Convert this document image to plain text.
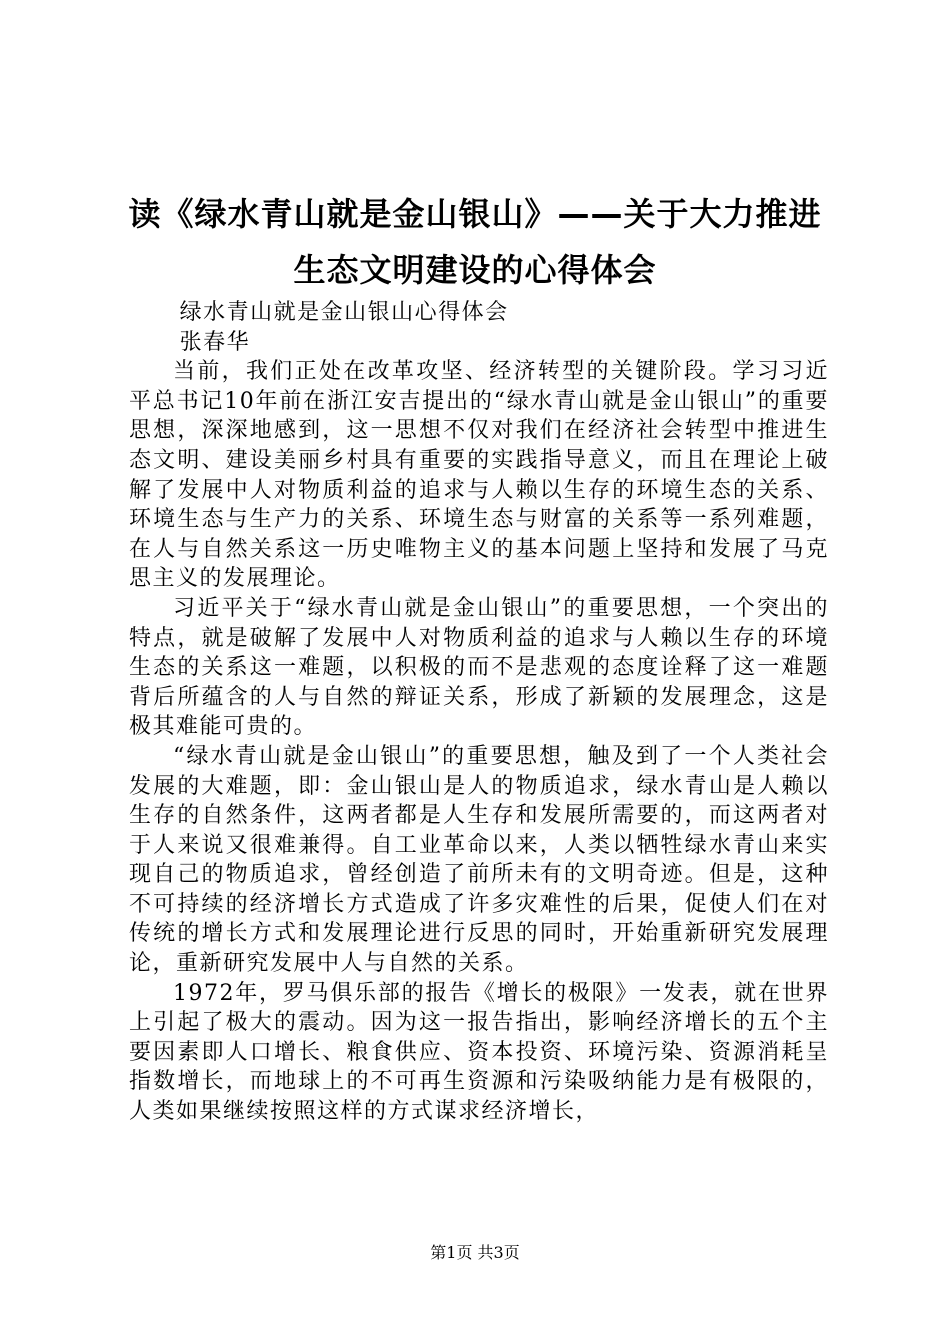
读《绿水青山就是金山银山》——关于大力推进生态文明建设的心得体会

绿水青山就是金山银山心得体会

张春华

当前，我们正处在改革攻坚、经济转型的关键阶段。学习习近平总书记10年前在浙江安吉提出的“绿水青山就是金山银山”的重要思想，深深地感到，这一思想不仅对我们在经济社会转型中推进生态文明、建设美丽乡村具有重要的实践指导意义，而且在理论上破解了发展中人对物质利益的追求与人赖以生存的环境生态的关系、环境生态与生产力的关系、环境生态与财富的关系等一系列难题，在人与自然关系这一历史唯物主义的基本问题上坚持和发展了马克思主义的发展理论。

习近平关于“绿水青山就是金山银山”的重要思想，一个突出的特点，就是破解了发展中人对物质利益的追求与人赖以生存的环境生态的关系这一难题，以积极的而不是悲观的态度诠释了这一难题背后所蕴含的人与自然的辩证关系，形成了新颖的发展理念，这是极其难能可贵的。

“绿水青山就是金山银山”的重要思想，触及到了一个人类社会发展的大难题，即：金山银山是人的物质追求，绿水青山是人赖以生存的自然条件，这两者都是人生存和发展所需要的，而这两者对于人来说又很难兼得。自工业革命以来，人类以牺牲绿水青山来实现自己的物质追求，曾经创造了前所未有的文明奇迹。但是，这种不可持续的经济增长方式造成了许多灾难性的后果，促使人们在对传统的增长方式和发展理论进行反思的同时，开始重新研究发展理论，重新研究发展中人与自然的关系。

1972年，罗马俱乐部的报告《增长的极限》一发表，就在世界上引起了极大的震动。因为这一报告指出，影响经济增长的五个主要因素即人口增长、粮食供应、资本投资、环境污染、资源消耗呈指数增长，而地球上的不可再生资源和污染吸纳能力是有极限的，人类如果继续按照这样的方式谋求经济增长，

第1页 共3页
